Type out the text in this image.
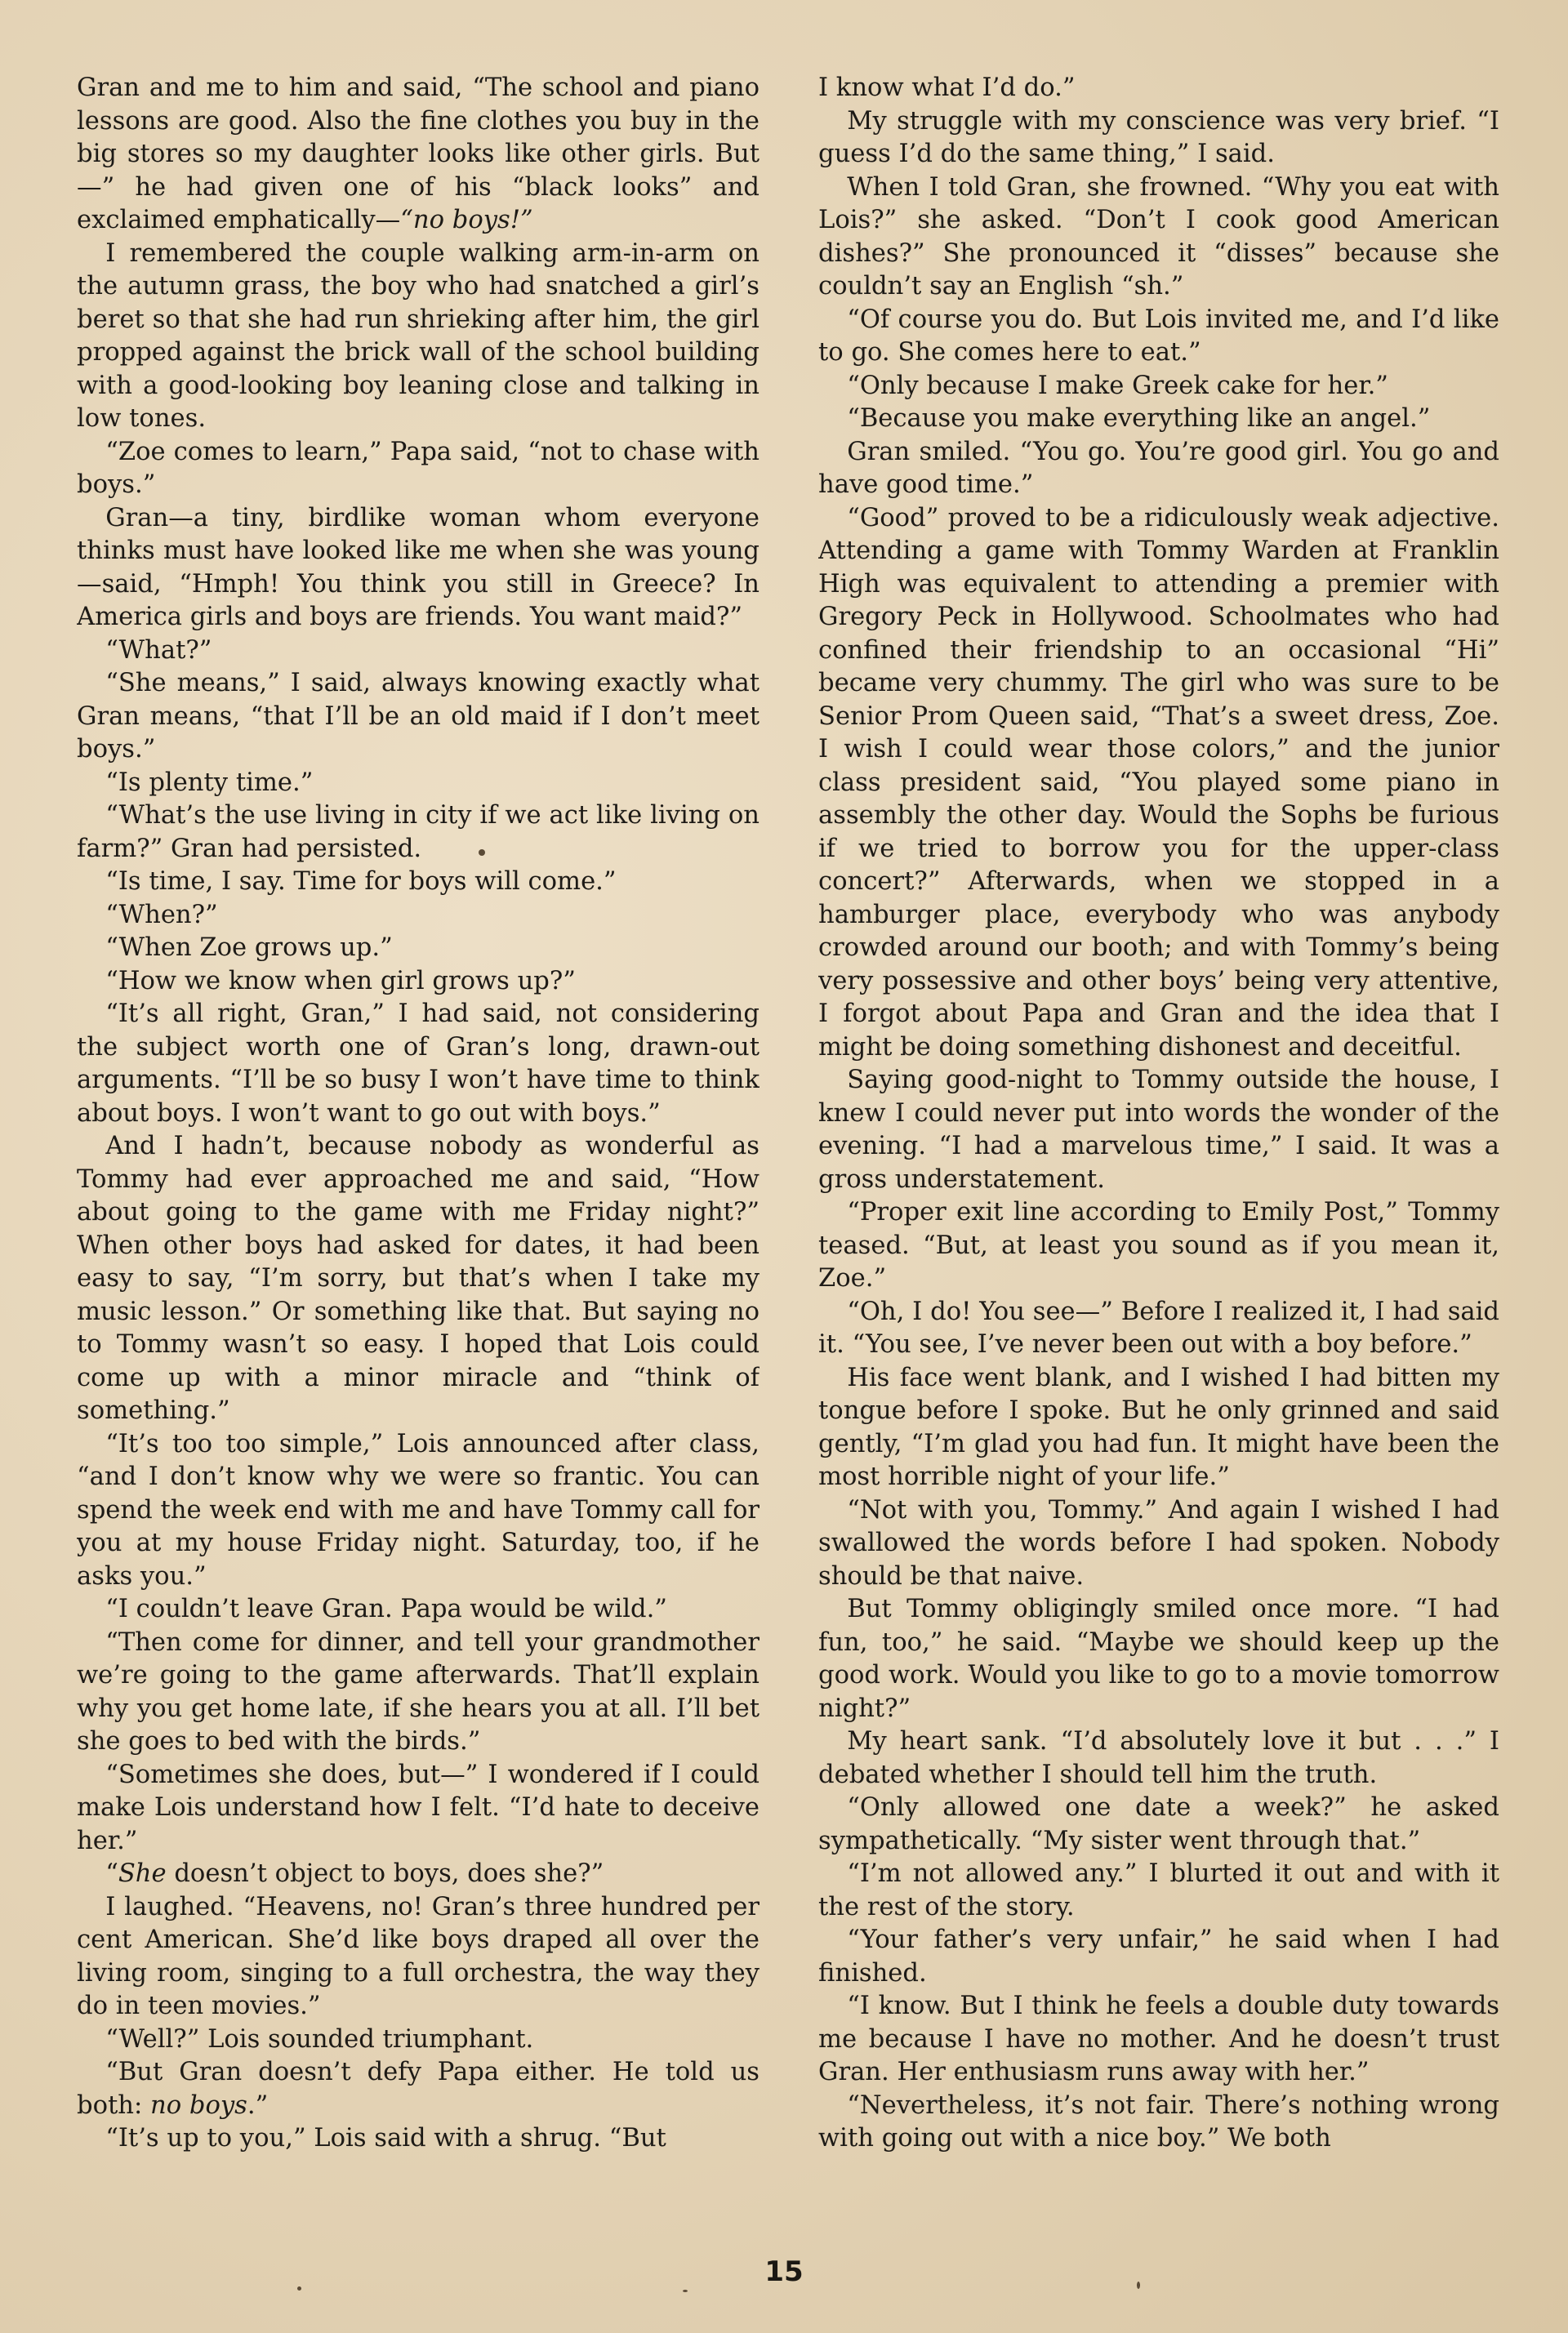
Gran and me to him and said, “The school and piano lessons are good. Also the fine clothes you buy in the big stores so my daughter looks like other girls. But—” he had given one of his “black looks” and exclaimed emphatically—“no boys!”

I remembered the couple walking arm-in-arm on the autumn grass, the boy who had snatched a girl’s beret so that she had run shrieking after him, the girl propped against the brick wall of the school building with a good-looking boy leaning close and talking in low tones.

“Zoe comes to learn,” Papa said, “not to chase with boys.”

Gran—a tiny, birdlike woman whom everyone thinks must have looked like me when she was young—said, “Hmph! You think you still in Greece? In America girls and boys are friends. You want maid?”

“What?”

“She means,” I said, always knowing exactly what Gran means, “that I’ll be an old maid if I don’t meet boys.”

“Is plenty time.”

“What’s the use living in city if we act like living on farm?” Gran had persisted.

“Is time, I say. Time for boys will come.”

“When?”

“When Zoe grows up.”

“How we know when girl grows up?”

“It’s all right, Gran,” I had said, not considering the subject worth one of Gran’s long, drawn-out arguments. “I’ll be so busy I won’t have time to think about boys. I won’t want to go out with boys.”

And I hadn’t, because nobody as wonderful as Tommy had ever approached me and said, “How about going to the game with me Friday night?” When other boys had asked for dates, it had been easy to say, “I’m sorry, but that’s when I take my music lesson.” Or something like that. But saying no to Tommy wasn’t so easy. I hoped that Lois could come up with a minor miracle and “think of something.”

“It’s too too simple,” Lois announced after class, “and I don’t know why we were so frantic. You can spend the week end with me and have Tommy call for you at my house Friday night. Saturday, too, if he asks you.”

“I couldn’t leave Gran. Papa would be wild.”

“Then come for dinner, and tell your grandmother we’re going to the game afterwards. That’ll explain why you get home late, if she hears you at all. I’ll bet she goes to bed with the birds.”

“Sometimes she does, but—” I wondered if I could make Lois understand how I felt. “I’d hate to deceive her.”

“She doesn’t object to boys, does she?”

I laughed. “Heavens, no! Gran’s three hundred per cent American. She’d like boys draped all over the living room, singing to a full orchestra, the way they do in teen movies.”

“Well?” Lois sounded triumphant.

“But Gran doesn’t defy Papa either. He told us both: no boys.”

“It’s up to you,” Lois said with a shrug. “But

I know what I’d do.”

My struggle with my conscience was very brief. “I guess I’d do the same thing,” I said.

When I told Gran, she frowned. “Why you eat with Lois?” she asked. “Don’t I cook good American dishes?” She pronounced it “disses” because she couldn’t say an English “sh.”

“Of course you do. But Lois invited me, and I’d like to go. She comes here to eat.”

“Only because I make Greek cake for her.”

“Because you make everything like an angel.”

Gran smiled. “You go. You’re good girl. You go and have good time.”

“Good” proved to be a ridiculously weak adjective. Attending a game with Tommy Warden at Franklin High was equivalent to attending a premier with Gregory Peck in Hollywood. Schoolmates who had confined their friendship to an occasional “Hi” became very chummy. The girl who was sure to be Senior Prom Queen said, “That’s a sweet dress, Zoe. I wish I could wear those colors,” and the junior class president said, “You played some piano in assembly the other day. Would the Sophs be furious if we tried to borrow you for the upper-class concert?” Afterwards, when we stopped in a hamburger place, everybody who was anybody crowded around our booth; and with Tommy’s being very possessive and other boys’ being very attentive, I forgot about Papa and Gran and the idea that I might be doing something dishonest and deceitful.

Saying good-night to Tommy outside the house, I knew I could never put into words the wonder of the evening. “I had a marvelous time,” I said. It was a gross understatement.

“Proper exit line according to Emily Post,” Tommy teased. “But, at least you sound as if you mean it, Zoe.”

“Oh, I do! You see—” Before I realized it, I had said it. “You see, I’ve never been out with a boy before.”

His face went blank, and I wished I had bitten my tongue before I spoke. But he only grinned and said gently, “I’m glad you had fun. It might have been the most horrible night of your life.”

“Not with you, Tommy.” And again I wished I had swallowed the words before I had spoken. Nobody should be that naive.

But Tommy obligingly smiled once more. “I had fun, too,” he said. “Maybe we should keep up the good work. Would you like to go to a movie tomorrow night?”

My heart sank. “I’d absolutely love it but . . .” I debated whether I should tell him the truth.

“Only allowed one date a week?” he asked sympathetically. “My sister went through that.”

“I’m not allowed any.” I blurted it out and with it the rest of the story.

“Your father’s very unfair,” he said when I had finished.

“I know. But I think he feels a double duty towards me because I have no mother. And he doesn’t trust Gran. Her enthusiasm runs away with her.”

“Nevertheless, it’s not fair. There’s nothing wrong with going out with a nice boy.” We both

15
